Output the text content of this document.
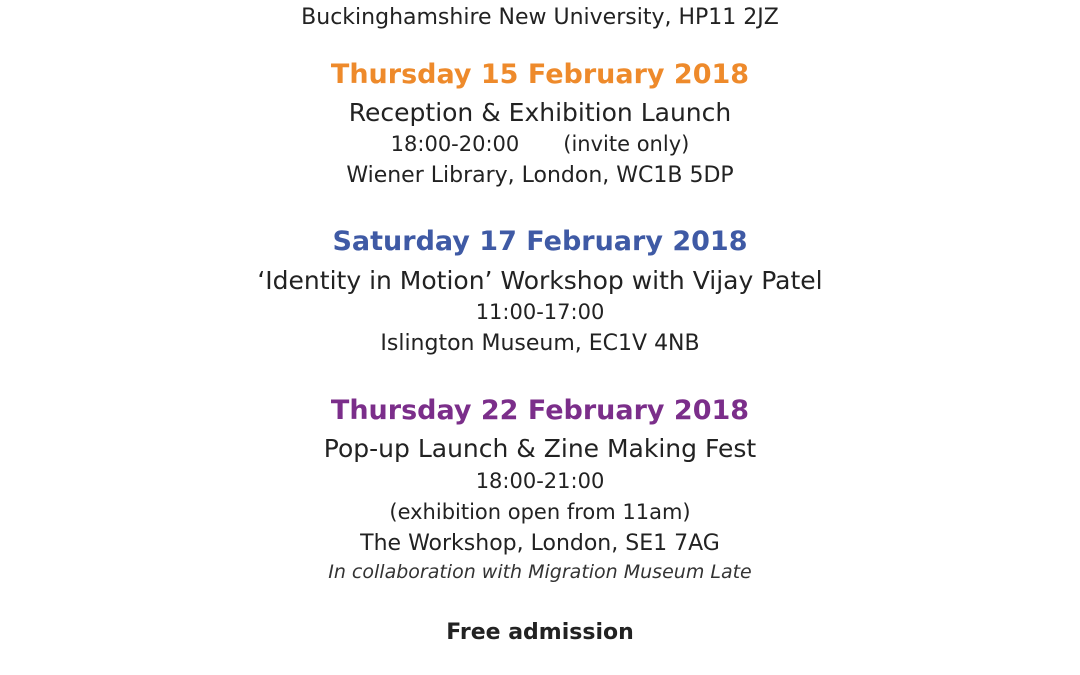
Buckinghamshire New University, HP11 2JZ
Thursday 15 February 2018
Reception & Exhibition Launch
18:00-20:00 (invite only)
Wiener Library, London, WC1B 5DP
Saturday 17 February 2018
‘Identity in Motion’ Workshop with Vijay Patel
11:00-17:00
Islington Museum, EC1V 4NB
Thursday 22 February 2018
Pop-up Launch & Zine Making Fest
18:00-21:00
(exhibition open from 11am)
The Workshop, London, SE1 7AG
In collaboration with Migration Museum Late
Free admission
